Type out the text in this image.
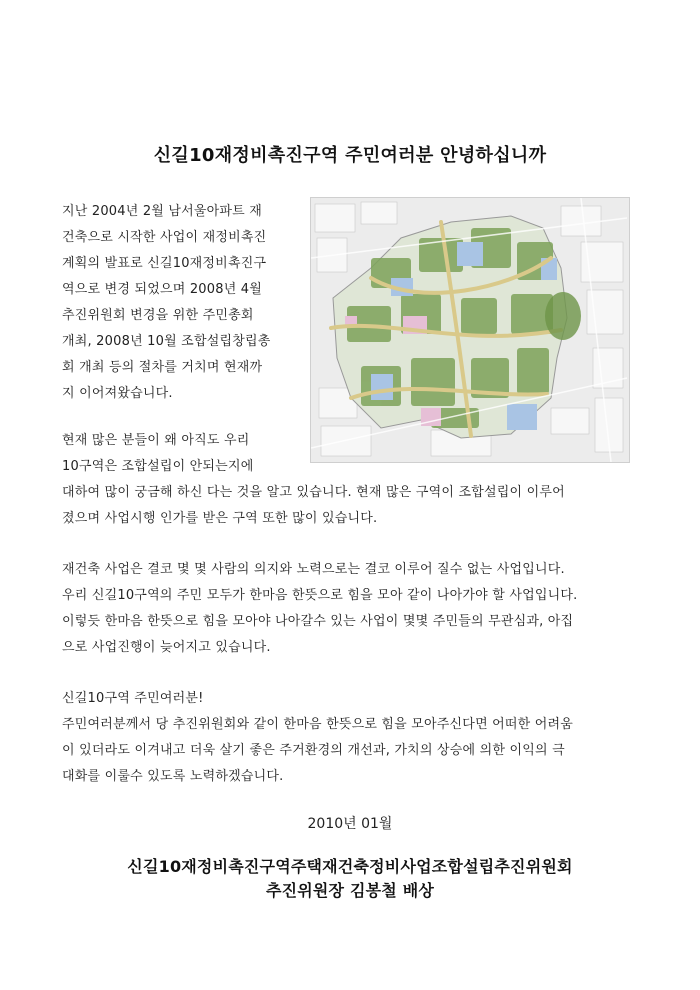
신길10재정비촉진구역 주민여러분 안녕하십니까
지난 2004년 2월 남서울아파트 재
건축으로 시작한 사업이 재정비촉진
계획의 발표로 신길10재정비촉진구
역으로 변경 되었으며 2008년 4월
추진위원회 변경을 위한 주민총회
개최, 2008년 10월 조합설립창립총
회 개최 등의 절차를 거치며 현재까
지 이어져왔습니다.
현재 많은 분들이 왜 아직도 우리
10구역은 조합설립이 안되는지에
대하여 많이 궁금해 하신 다는 것을 알고 있습니다. 현재 많은 구역이 조합설립이 이루어
졌으며 사업시행 인가를 받은 구역 또한 많이 있습니다.
재건축 사업은 결코 몇 몇 사람의 의지와 노력으로는 결코 이루어 질수 없는 사업입니다.
우리 신길10구역의 주민 모두가 한마음 한뜻으로 힘을 모아 같이 나아가야 할 사업입니다.
이렇듯 한마음 한뜻으로 힘을 모아야 나아갈수 있는 사업이 몇몇 주민들의 무관심과, 아집
으로 사업진행이 늦어지고 있습니다.
신길10구역 주민여러분!
주민여러분께서 당 추진위원회와 같이 한마음 한뜻으로 힘을 모아주신다면 어떠한 어려움
이 있더라도 이겨내고 더욱 살기 좋은 주거환경의 개선과, 가치의 상승에 의한 이익의 극
대화를 이룰수 있도록 노력하겠습니다.
2010년 01월
신길10재정비촉진구역주택재건축정비사업조합설립추진위원회
추진위원장 김봉철 배상
